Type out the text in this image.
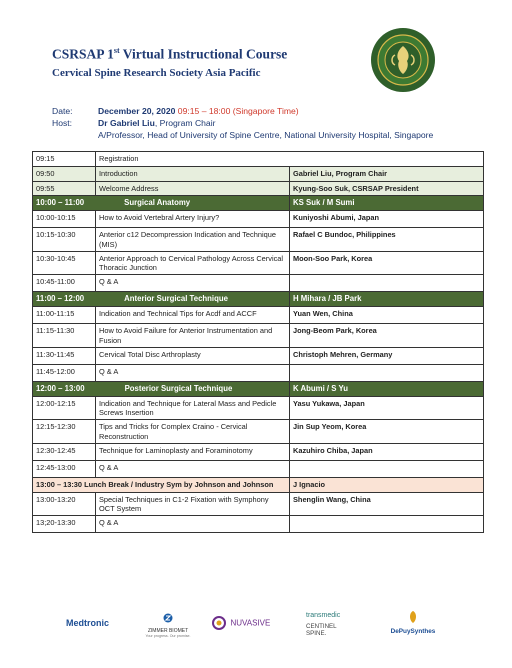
CSRSAP 1st Virtual Instructional Course
Cervical Spine Research Society Asia Pacific
Date:	December 20, 2020 09:15 – 18:00 (Singapore Time)
Host:	Dr Gabriel Liu, Program Chair
A/Professor, Head of University of Spine Centre, National University Hospital, Singapore
09:15	Registration	
09:50	Introduction	Gabriel Liu, Program Chair
09:55	Welcome Address	Kyung-Soo Suk, CSRSAP President
10:00 – 11:00 Surgical Anatomy		KS Suk / M Sumi
10:00-10:15	How to Avoid Vertebral Artery Injury?	Kuniyoshi Abumi, Japan
10:15-10:30	Anterior c12 Decompression Indication and Technique (MIS)	Rafael C Bundoc, Philippines
10:30-10:45	Anterior Approach to Cervical Pathology Across Cervical Thoracic Junction	Moon-Soo Park, Korea
10:45-11:00	Q & A	
11:00 – 12:00 Anterior Surgical Technique		H Mihara / JB Park
11:00-11:15	Indication and Technical Tips for Acdf and ACCF	Yuan Wen, China
11:15-11:30	How to Avoid Failure for Anterior Instrumentation and Fusion	Jong-Beom Park, Korea
11:30-11:45	Cervical Total Disc Arthroplasty	Christoph Mehren, Germany
11:45-12:00	Q & A	
12:00 – 13:00 Posterior Surgical Technique		K Abumi / S Yu
12:00-12:15	Indication and Technique for Lateral Mass and Pedicle Screws Insertion	Yasu Yukawa, Japan
12:15-12:30	Tips and Tricks for Complex Craino - Cervical Reconstruction	Jin Sup Yeom, Korea
12:30-12:45	Technique for Laminoplasty and Foraminotomy	Kazuhiro Chiba, Japan
12:45-13:00	Q & A	
13:00 – 13:30 Lunch Break / Industry Sym by Johnson and Johnson		J Ignacio
13:00-13:20	Special Techniques in C1-2 Fixation with Symphony OCT System	Shenglin Wang, China
13;20-13:30	Q & A	
Medtronic
ZIMMER BIOMET
Your progress. Our promise.
NUVASIVE
transmedic
CENTINEL
SPINE.	DePuySynthes
